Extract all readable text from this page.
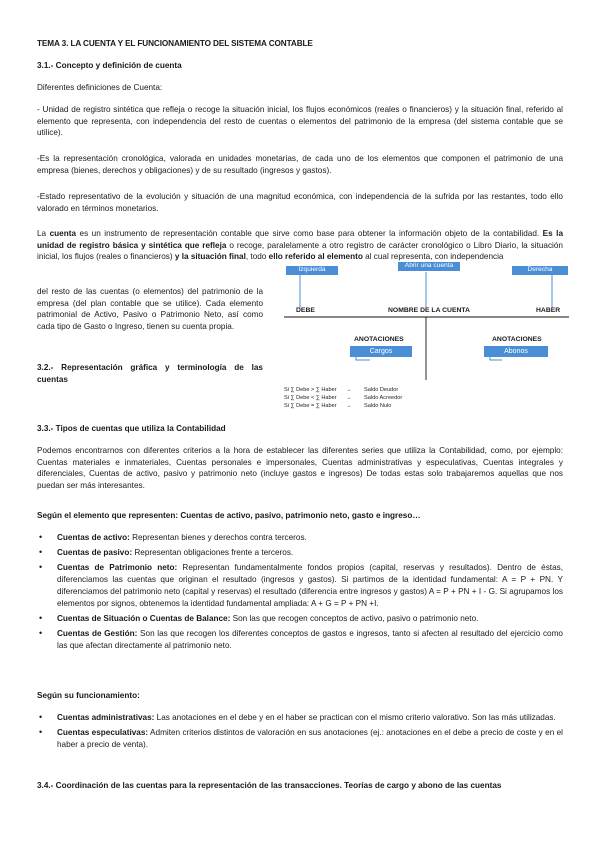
TEMA 3. LA CUENTA Y EL FUNCIONAMIENTO DEL SISTEMA CONTABLE
3.1.- Concepto y definición de cuenta
Diferentes definiciones de Cuenta:
- Unidad de registro sintética que refleja o recoge la situación inicial, los flujos económicos (reales o financieros) y la situación final, referido al elemento que representa, con independencia del resto de cuentas o elementos del patrimonio de la empresa (del sistema contable que se utilice).
-Es la representación cronológica, valorada en unidades monetarias, de cada uno de los elementos que componen el patrimonio de una empresa (bienes, derechos y obligaciones) y de su resultado (ingresos y gastos).
-Estado representativo de la evolución y situación de una magnitud económica, con independencia de la sufrida por las restantes, todo ello valorado en términos monetarios.
La cuenta es un instrumento de representación contable que sirve como base para obtener la información objeto de la contabilidad. Es la unidad de registro básica y sintética que refleja o recoge, paralelamente a otro registro de carácter cronológico o Libro Diario, la situación inicial, los flujos (reales o financieros) y la situación final, todo ello referido al elemento al cual representa, con independencia
del resto de las cuentas (o elementos) del patrimonio de la empresa (del plan contable que se utilice). Cada elemento patrimonial de Activo, Pasivo o Patrimonio Neto, así como cada tipo de Gasto o Ingreso, tienen su cuenta propia.
3.2.- Representación gráfica y terminología de las cuentas
Izquierda
Abrir una cuenta
Derecha
DEBE	NOMBRE DE LA CUENTA	HABER
ANOTACIONES	ANOTACIONES
Cargos	Abonos
Si ∑ Debe > ∑ Haber → Saldo Deudor
Si ∑ Debe < ∑ Haber → Saldo Acreedor
Si ∑ Debe = ∑ Haber → Saldo Nulo
3.3.- Tipos de cuentas que utiliza la Contabilidad
Podemos encontrarnos con diferentes criterios a la hora de establecer las diferentes series que utiliza la Contabilidad, como, por ejemplo: Cuentas materiales e inmateriales, Cuentas personales e impersonales, Cuentas administrativas y especulativas, Cuentas integrales y diferenciales, Cuentas de activo, pasivo y patrimonio neto (incluye gastos e ingresos) De todas estas solo trabajaremos aquellas que nos puedan ser más interesantes.
Según el elemento que representen: Cuentas de activo, pasivo, patrimonio neto, gasto e ingreso…
• Cuentas de activo: Representan bienes y derechos contra terceros.
• Cuentas de pasivo: Representan obligaciones frente a terceros.
• Cuentas de Patrimonio neto: Representan fundamentalmente fondos propios (capital, reservas y resultados). Dentro de éstas, diferenciamos las cuentas que originan el resultado (ingresos y gastos). Si partimos de la identidad fundamental: A = P + PN. Y diferenciamos del patrimonio neto (capital y reservas) el resultado (diferencia entre ingresos y gastos) A = P + PN + I - G. Si agrupamos los elementos por signos, obtenemos la identidad fundamental ampliada: A + G = P + PN +I.
• Cuentas de Situación o Cuentas de Balance: Son las que recogen conceptos de activo, pasivo o patrimonio neto.
• Cuentas de Gestión: Son las que recogen los diferentes conceptos de gastos e ingresos, tanto si afecten al resultado del ejercicio como las que afectan directamente al patrimonio neto.
Según su funcionamiento:
• Cuentas administrativas: Las anotaciones en el debe y en el haber se practican con el mismo criterio valorativo. Son las más utilizadas.
• Cuentas especulativas: Admiten criterios distintos de valoración en sus anotaciones (ej.: anotaciones en el debe a precio de coste y en el haber a precio de venta).
3.4.- Coordinación de las cuentas para la representación de las transacciones. Teorías de cargo y abono de las cuentas
